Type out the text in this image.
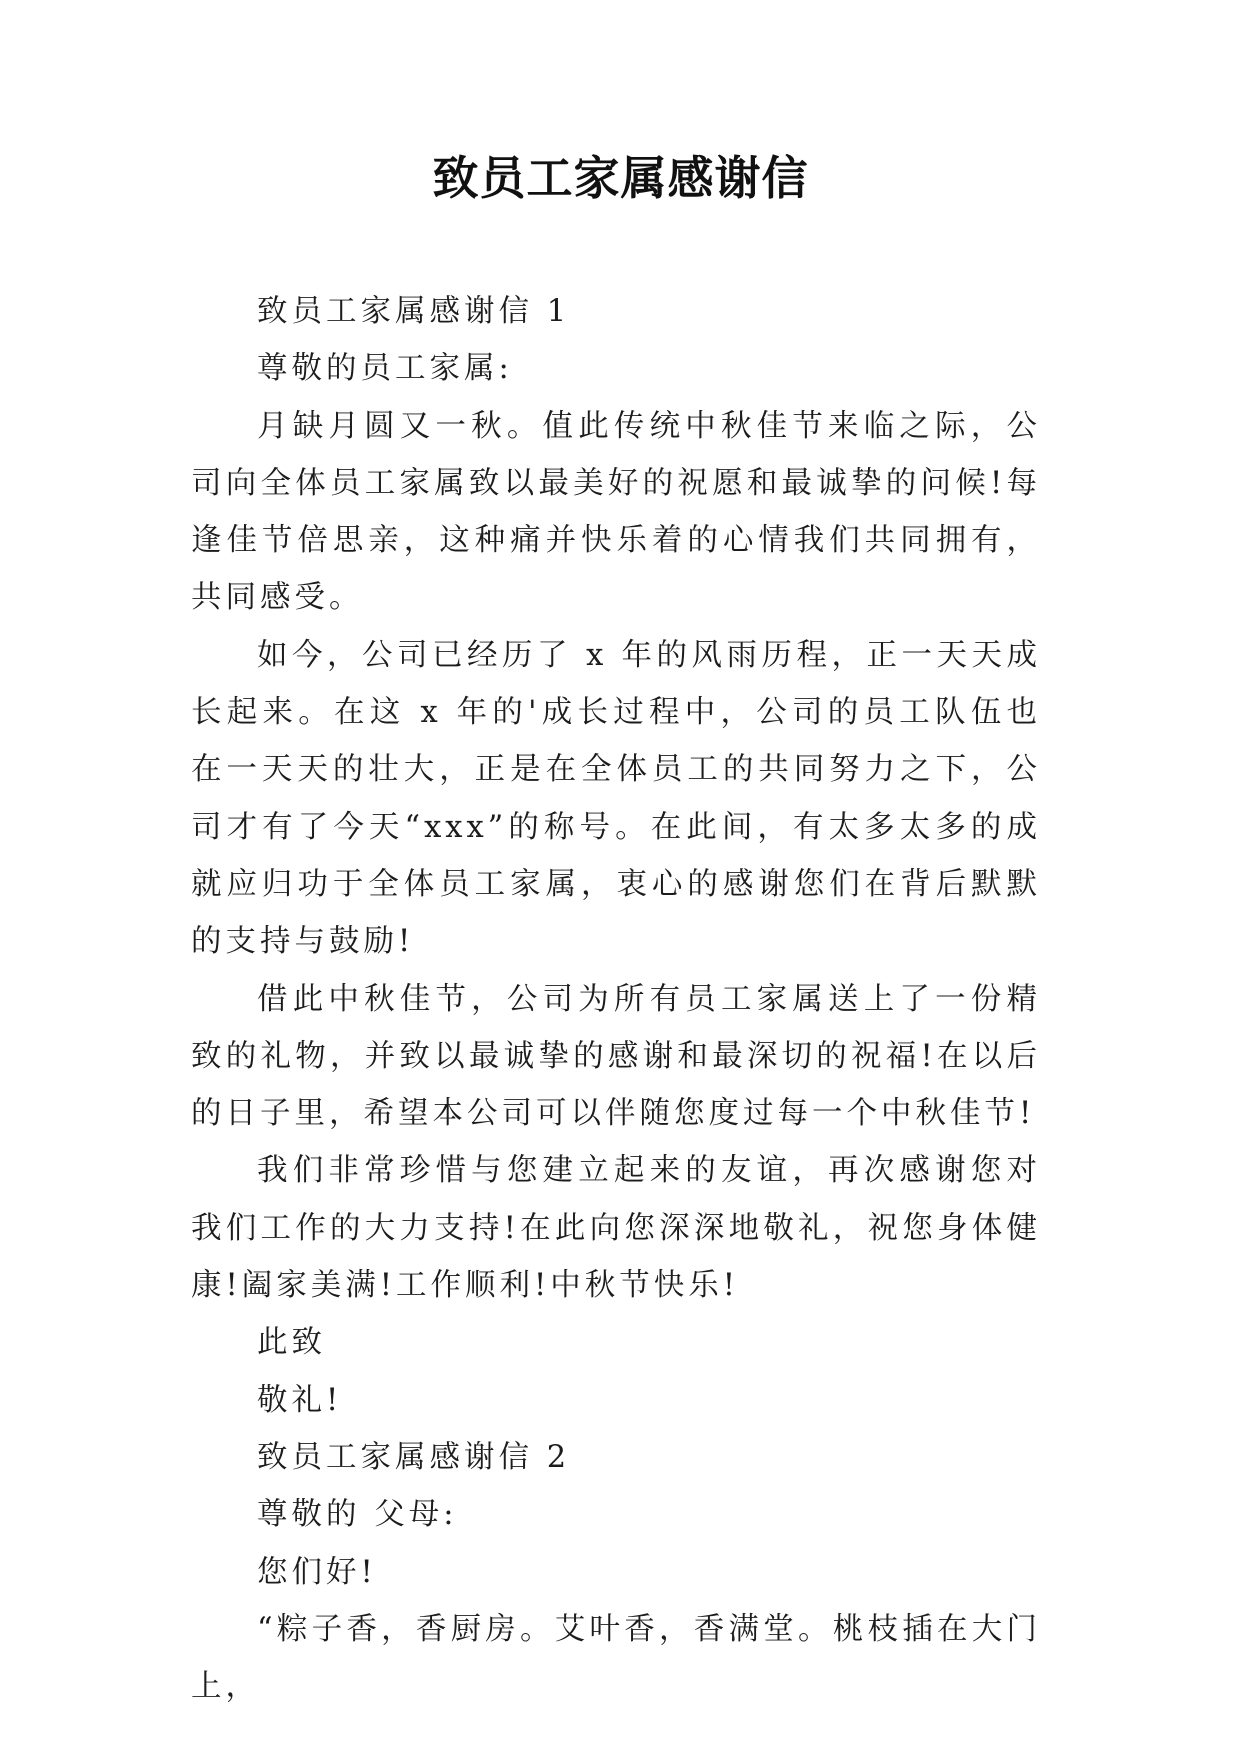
致员工家属感谢信

致员工家属感谢信 1

尊敬的员工家属:

月缺月圆又一秋。值此传统中秋佳节来临之际，公司向全体员工家属致以最美好的祝愿和最诚挚的问候!每逢佳节倍思亲，这种痛并快乐着的心情我们共同拥有，共同感受。

如今，公司已经历了 x 年的风雨历程，正一天天成长起来。在这 x 年的'成长过程中，公司的员工队伍也在一天天的壮大，正是在全体员工的共同努力之下，公司才有了今天“xxx”的称号。在此间，有太多太多的成就应归功于全体员工家属，衷心的感谢您们在背后默默的支持与鼓励!

借此中秋佳节，公司为所有员工家属送上了一份精致的礼物，并致以最诚挚的感谢和最深切的祝福!在以后的日子里，希望本公司可以伴随您度过每一个中秋佳节!

我们非常珍惜与您建立起来的友谊，再次感谢您对我们工作的大力支持!在此向您深深地敬礼，祝您身体健康!阖家美满!工作顺利!中秋节快乐!

此致

敬礼!

致员工家属感谢信 2

尊敬的 父母:

您们好!

“粽子香，香厨房。艾叶香，香满堂。桃枝插在大门上，
